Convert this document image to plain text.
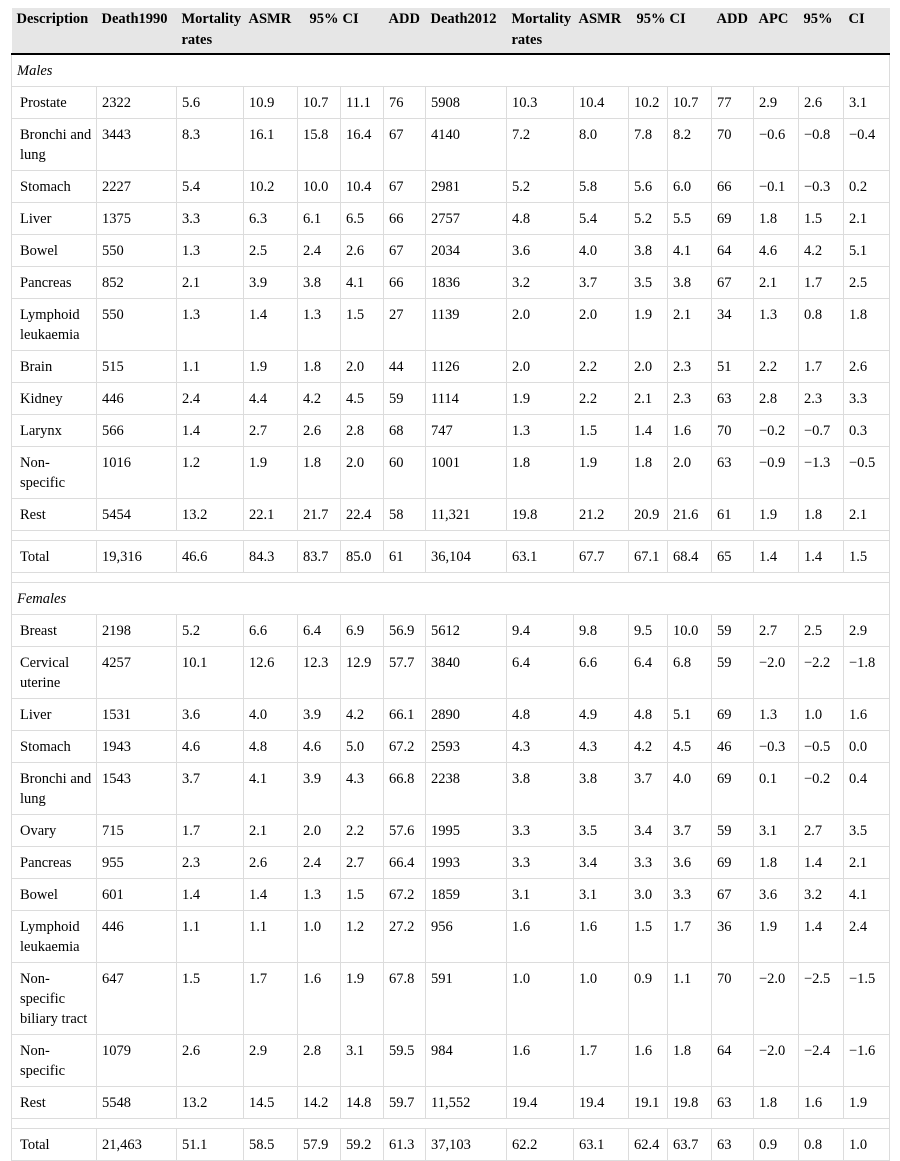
Description	Death1990	Mortality rates	ASMR	95%	CI	ADD	Death2012	Mortality rates	ASMR	95%	CI	ADD	APC	95%	CI
Males															
Prostate	2322	5.6	10.9	10.7	11.1	76	5908	10.3	10.4	10.2	10.7	77	2.9	2.6	3.1
Bronchi and lung	3443	8.3	16.1	15.8	16.4	67	4140	7.2	8.0	7.8	8.2	70	−0.6	−0.8	−0.4
Stomach	2227	5.4	10.2	10.0	10.4	67	2981	5.2	5.8	5.6	6.0	66	−0.1	−0.3	0.2
Liver	1375	3.3	6.3	6.1	6.5	66	2757	4.8	5.4	5.2	5.5	69	1.8	1.5	2.1
Bowel	550	1.3	2.5	2.4	2.6	67	2034	3.6	4.0	3.8	4.1	64	4.6	4.2	5.1
Pancreas	852	2.1	3.9	3.8	4.1	66	1836	3.2	3.7	3.5	3.8	67	2.1	1.7	2.5
Lymphoid leukaemia	550	1.3	1.4	1.3	1.5	27	1139	2.0	2.0	1.9	2.1	34	1.3	0.8	1.8
Brain	515	1.1	1.9	1.8	2.0	44	1126	2.0	2.2	2.0	2.3	51	2.2	1.7	2.6
Kidney	446	2.4	4.4	4.2	4.5	59	1114	1.9	2.2	2.1	2.3	63	2.8	2.3	3.3
Larynx	566	1.4	2.7	2.6	2.8	68	747	1.3	1.5	1.4	1.6	70	−0.2	−0.7	0.3
Non-specific	1016	1.2	1.9	1.8	2.0	60	1001	1.8	1.9	1.8	2.0	63	−0.9	−1.3	−0.5
Rest	5454	13.2	22.1	21.7	22.4	58	11,321	19.8	21.2	20.9	21.6	61	1.9	1.8	2.1

Total	19,316	46.6	84.3	83.7	85.0	61	36,104	63.1	67.7	67.1	68.4	65	1.4	1.4	1.5

Females															
Breast	2198	5.2	6.6	6.4	6.9	56.9	5612	9.4	9.8	9.5	10.0	59	2.7	2.5	2.9
Cervical uterine	4257	10.1	12.6	12.3	12.9	57.7	3840	6.4	6.6	6.4	6.8	59	−2.0	−2.2	−1.8
Liver	1531	3.6	4.0	3.9	4.2	66.1	2890	4.8	4.9	4.8	5.1	69	1.3	1.0	1.6
Stomach	1943	4.6	4.8	4.6	5.0	67.2	2593	4.3	4.3	4.2	4.5	46	−0.3	−0.5	0.0
Bronchi and lung	1543	3.7	4.1	3.9	4.3	66.8	2238	3.8	3.8	3.7	4.0	69	0.1	−0.2	0.4
Ovary	715	1.7	2.1	2.0	2.2	57.6	1995	3.3	3.5	3.4	3.7	59	3.1	2.7	3.5
Pancreas	955	2.3	2.6	2.4	2.7	66.4	1993	3.3	3.4	3.3	3.6	69	1.8	1.4	2.1
Bowel	601	1.4	1.4	1.3	1.5	67.2	1859	3.1	3.1	3.0	3.3	67	3.6	3.2	4.1
Lymphoid leukaemia	446	1.1	1.1	1.0	1.2	27.2	956	1.6	1.6	1.5	1.7	36	1.9	1.4	2.4
Non-specific biliary tract	647	1.5	1.7	1.6	1.9	67.8	591	1.0	1.0	0.9	1.1	70	−2.0	−2.5	−1.5
Non-specific	1079	2.6	2.9	2.8	3.1	59.5	984	1.6	1.7	1.6	1.8	64	−2.0	−2.4	−1.6
Rest	5548	13.2	14.5	14.2	14.8	59.7	11,552	19.4	19.4	19.1	19.8	63	1.8	1.6	1.9

Total	21,463	51.1	58.5	57.9	59.2	61.3	37,103	62.2	63.1	62.4	63.7	63	0.9	0.8	1.0
